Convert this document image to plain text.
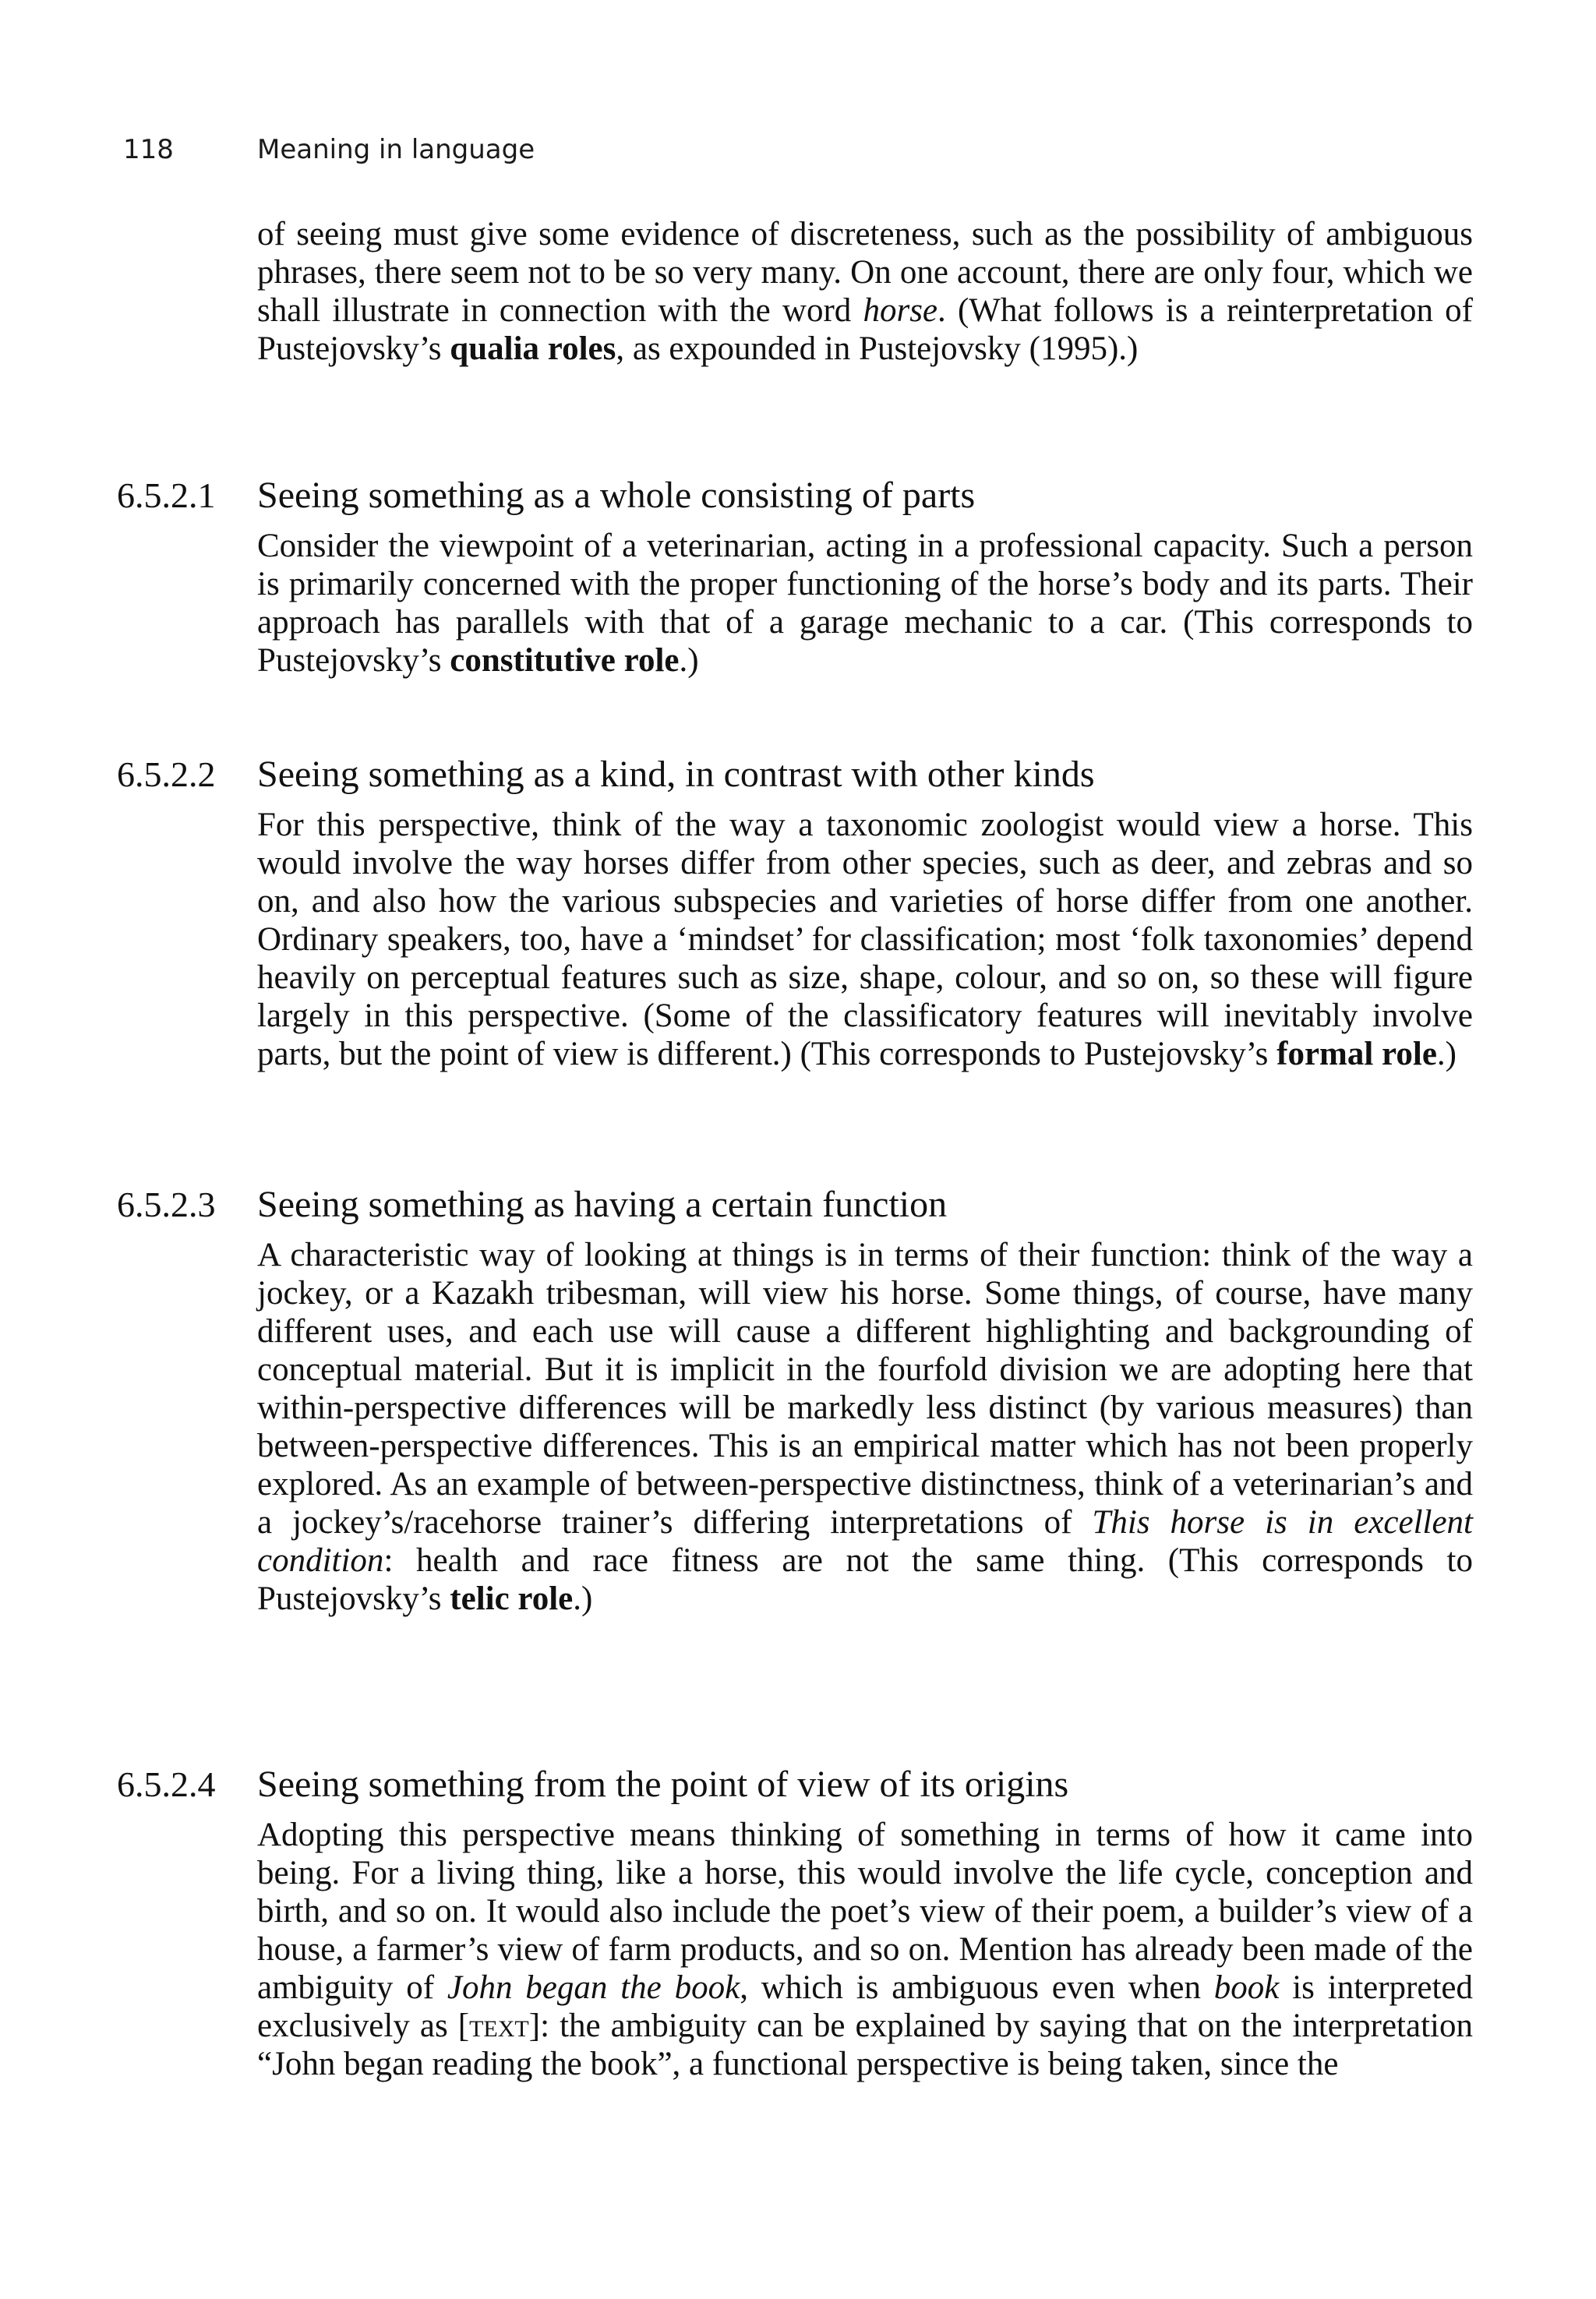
118	Meaning in language

of seeing must give some evidence of discreteness, such as the possibility of ambiguous phrases, there seem not to be so very many. On one account, there are only four, which we shall illustrate in connection with the word horse. (What follows is a reinterpretation of Pustejovsky’s qualia roles, as expounded in Pustejovsky (1995).)

6.5.2.1 Seeing something as a whole consisting of parts

Consider the viewpoint of a veterinarian, acting in a professional capacity. Such a person is primarily concerned with the proper functioning of the horse’s body and its parts. Their approach has parallels with that of a garage mechanic to a car. (This corresponds to Pustejovsky’s constitutive role.)

6.5.2.2 Seeing something as a kind, in contrast with other kinds

For this perspective, think of the way a taxonomic zoologist would view a horse. This would involve the way horses differ from other species, such as deer, and zebras and so on, and also how the various subspecies and varieties of horse differ from one another. Ordinary speakers, too, have a ‘mindset’ for classification; most ‘folk taxonomies’ depend heavily on perceptual features such as size, shape, colour, and so on, so these will figure largely in this perspective. (Some of the classificatory features will inevitably involve parts, but the point of view is different.) (This corresponds to Pustejovsky’s formal role.)

6.5.2.3 Seeing something as having a certain function

A characteristic way of looking at things is in terms of their function: think of the way a jockey, or a Kazakh tribesman, will view his horse. Some things, of course, have many different uses, and each use will cause a different highlighting and backgrounding of conceptual material. But it is implicit in the fourfold division we are adopting here that within-perspective differences will be markedly less distinct (by various measures) than between-perspective differences. This is an empirical matter which has not been properly explored. As an example of between-perspective distinctness, think of a veterinarian’s and a jockey’s/racehorse trainer’s differing interpretations of This horse is in excellent condition: health and race fitness are not the same thing. (This corresponds to Pustejovsky’s telic role.)

6.5.2.4 Seeing something from the point of view of its origins

Adopting this perspective means thinking of something in terms of how it came into being. For a living thing, like a horse, this would involve the life cycle, conception and birth, and so on. It would also include the poet’s view of their poem, a builder’s view of a house, a farmer’s view of farm products, and so on. Mention has already been made of the ambiguity of John began the book, which is ambiguous even when book is interpreted exclusively as [text]: the ambiguity can be explained by saying that on the interpretation “John began reading the book”, a functional perspective is being taken, since the
